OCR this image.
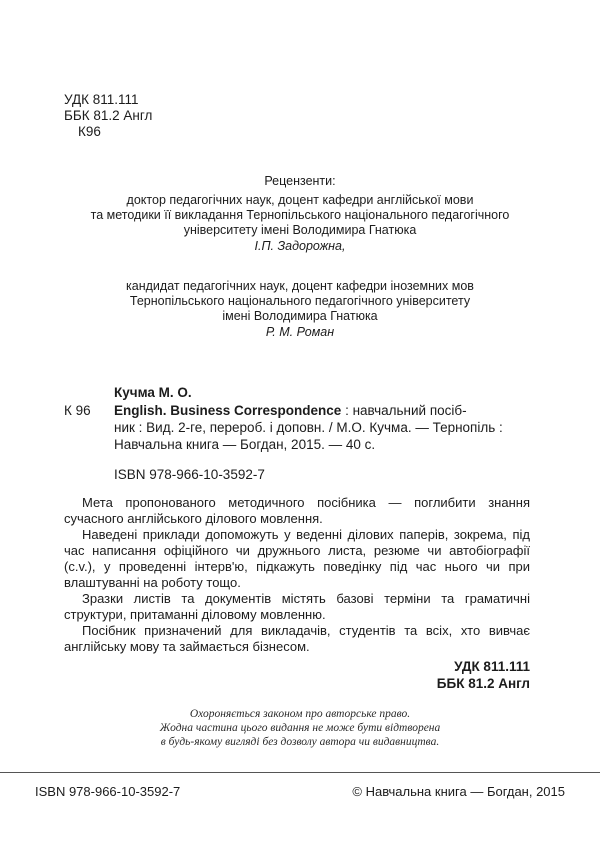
УДК 811.111
ББК 81.2 Англ
К96
Рецензенти:
доктор педагогічних наук, доцент кафедри англійської мови
та методики її викладання Тернопільського національного педагогічного
університету імені Володимира Гнатюка
І.П. Задорожна,
кандидат педагогічних наук, доцент кафедри іноземних мов
Тернопільського національного педагогічного університету
імені Володимира Гнатюка
Р. М. Роман
Кучма М. О.
К 96	English. Business Correspondence : навчальний посіб-
ник : Вид. 2-ге, перероб. і доповн. / М.О. Кучма. — Тернопіль :
Навчальна книга — Богдан, 2015. — 40 с.
ISBN 978-966-10-3592-7

Мета пропонованого методичного посібника — поглибити знання сучасного англійського ділового мовлення.

Наведені приклади допоможуть у веденні ділових паперів, зокрема, під час написання офіційного чи дружнього листа, резюме чи автобіографії (c.v.), у проведенні інтерв'ю, підкажуть поведінку під час нього чи при влаштуванні на роботу тощо.

Зразки листів та документів містять базові терміни та граматичні структури, притаманні діловому мовленню.

Посібник призначений для викладачів, студентів та всіх, хто вивчає англійську мову та займається бізнесом.

УДК 811.111
ББК 81.2 Англ
Охороняється законом про авторське право.
Жодна частина цього видання не може бути відтворена
в будь-якому вигляді без дозволу автора чи видавництва.
ISBN 978-966-10-3592-7	© Навчальна книга — Богдан, 2015
